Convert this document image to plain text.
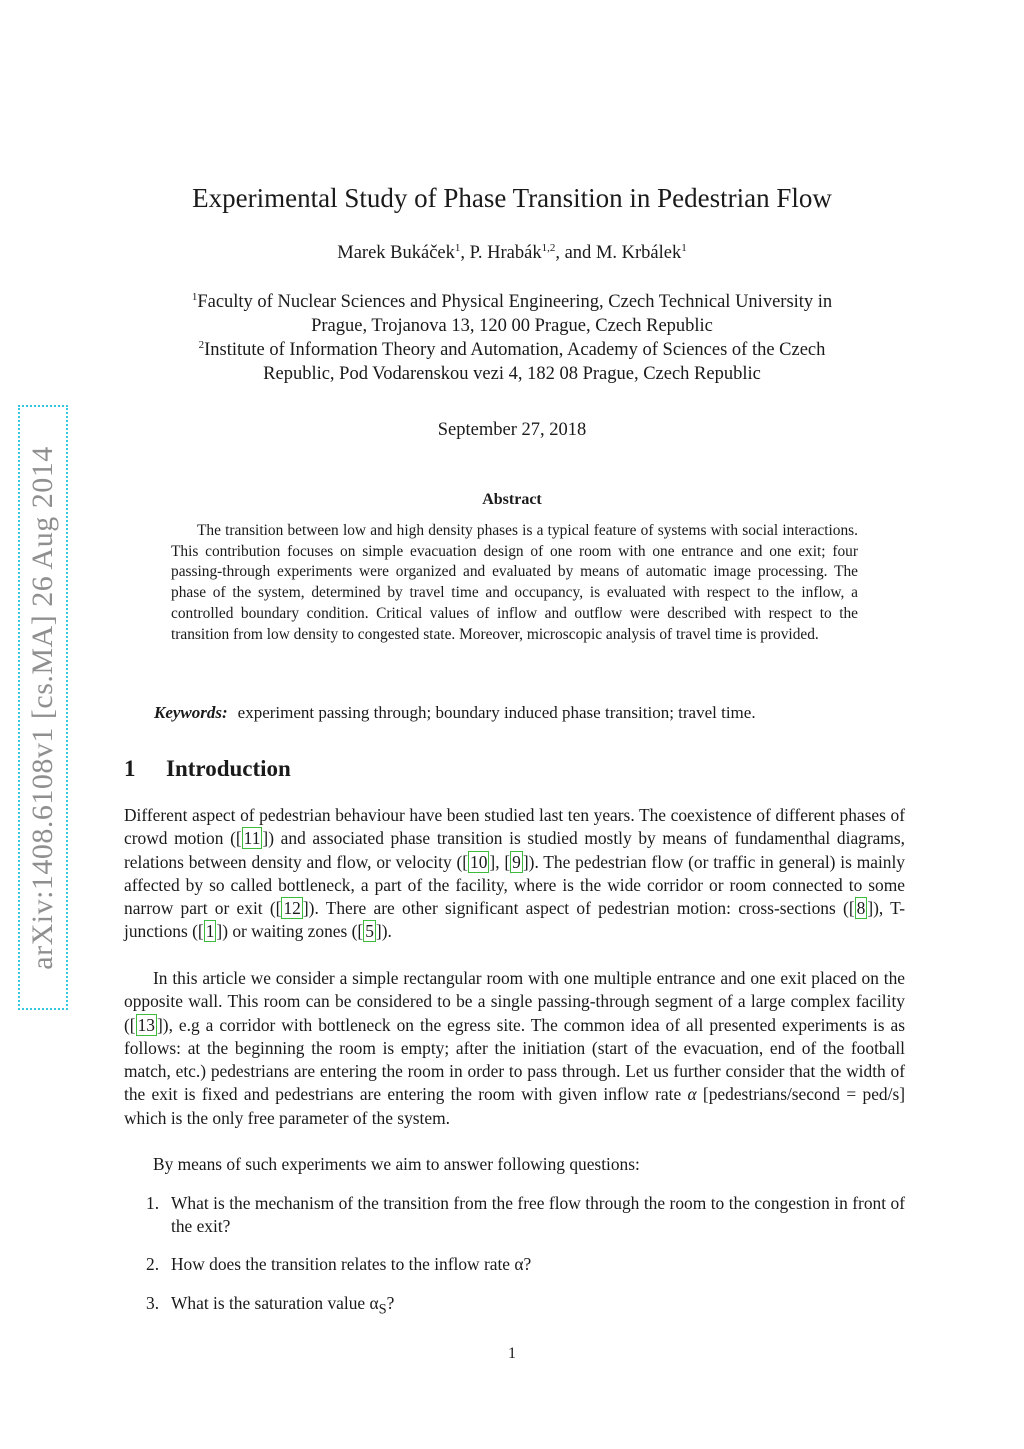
arXiv:1408.6108v1 [cs.MA] 26 Aug 2014
Experimental Study of Phase Transition in Pedestrian Flow
Marek Bukáček$^1$, P. Hrabák$^{1,2}$, and M. Krbálek$^1$
$^1$Faculty of Nuclear Sciences and Physical Engineering, Czech Technical University in
Prague, Trojanova 13, 120 00 Prague, Czech Republic
$^2$Institute of Information Theory and Automation, Academy of Sciences of the Czech
Republic, Pod Vodarenskou vezi 4, 182 08 Prague, Czech Republic
September 27, 2018
Abstract
The transition between low and high density phases is a typical feature of systems with social interactions. This contribution focuses on simple evacuation design of one room with one entrance and one exit; four passing-through experiments were organized and evaluated by means of automatic image processing. The phase of the system, determined by travel time and occupancy, is evaluated with respect to the inflow, a controlled boundary condition. Critical values of inflow and outflow were described with respect to the transition from low density to congested state. Moreover, microscopic analysis of travel time is provided.
Keywords: experiment passing through; boundary induced phase transition; travel time.
1 Introduction

Different aspect of pedestrian behaviour have been studied last ten years. The coexistence of different phases of crowd motion ([ 11 ]) and associated phase transition is studied mostly by means of fundamenthal diagrams, relations between density and flow, or velocity ([ 10 ], [ 9 ]). The pedestrian flow (or traffic in general) is mainly affected by so called bottleneck, a part of the facility, where is the wide corridor or room connected to some narrow part or exit ([ 12 ]). There are other significant aspect of pedestrian motion: cross-sections ([ 8 ]), T-junctions ([ 1 ]) or waiting zones ([ 5 ]).

In this article we consider a simple rectangular room with one multiple entrance and one exit placed on the opposite wall. This room can be considered to be a single passing-through segment of a large complex facility ([ 13 ]), e.g a corridor with bottleneck on the egress site. The common idea of all presented experiments is as follows: at the beginning the room is empty; after the initiation (start of the evacuation, end of the football match, etc.) pedestrians are entering the room in order to pass through. Let us further consider that the width of the exit is fixed and pedestrians are entering the room with given inflow rate α [pedestrians/second = ped/s] which is the only free parameter of the system.

By means of such experiments we aim to answer following questions:

1. What is the mechanism of the transition from the free flow through the room to the congestion in front of the exit?
2. How does the transition relates to the inflow rate α?
3. What is the saturation value $\alpha_S$?
1
